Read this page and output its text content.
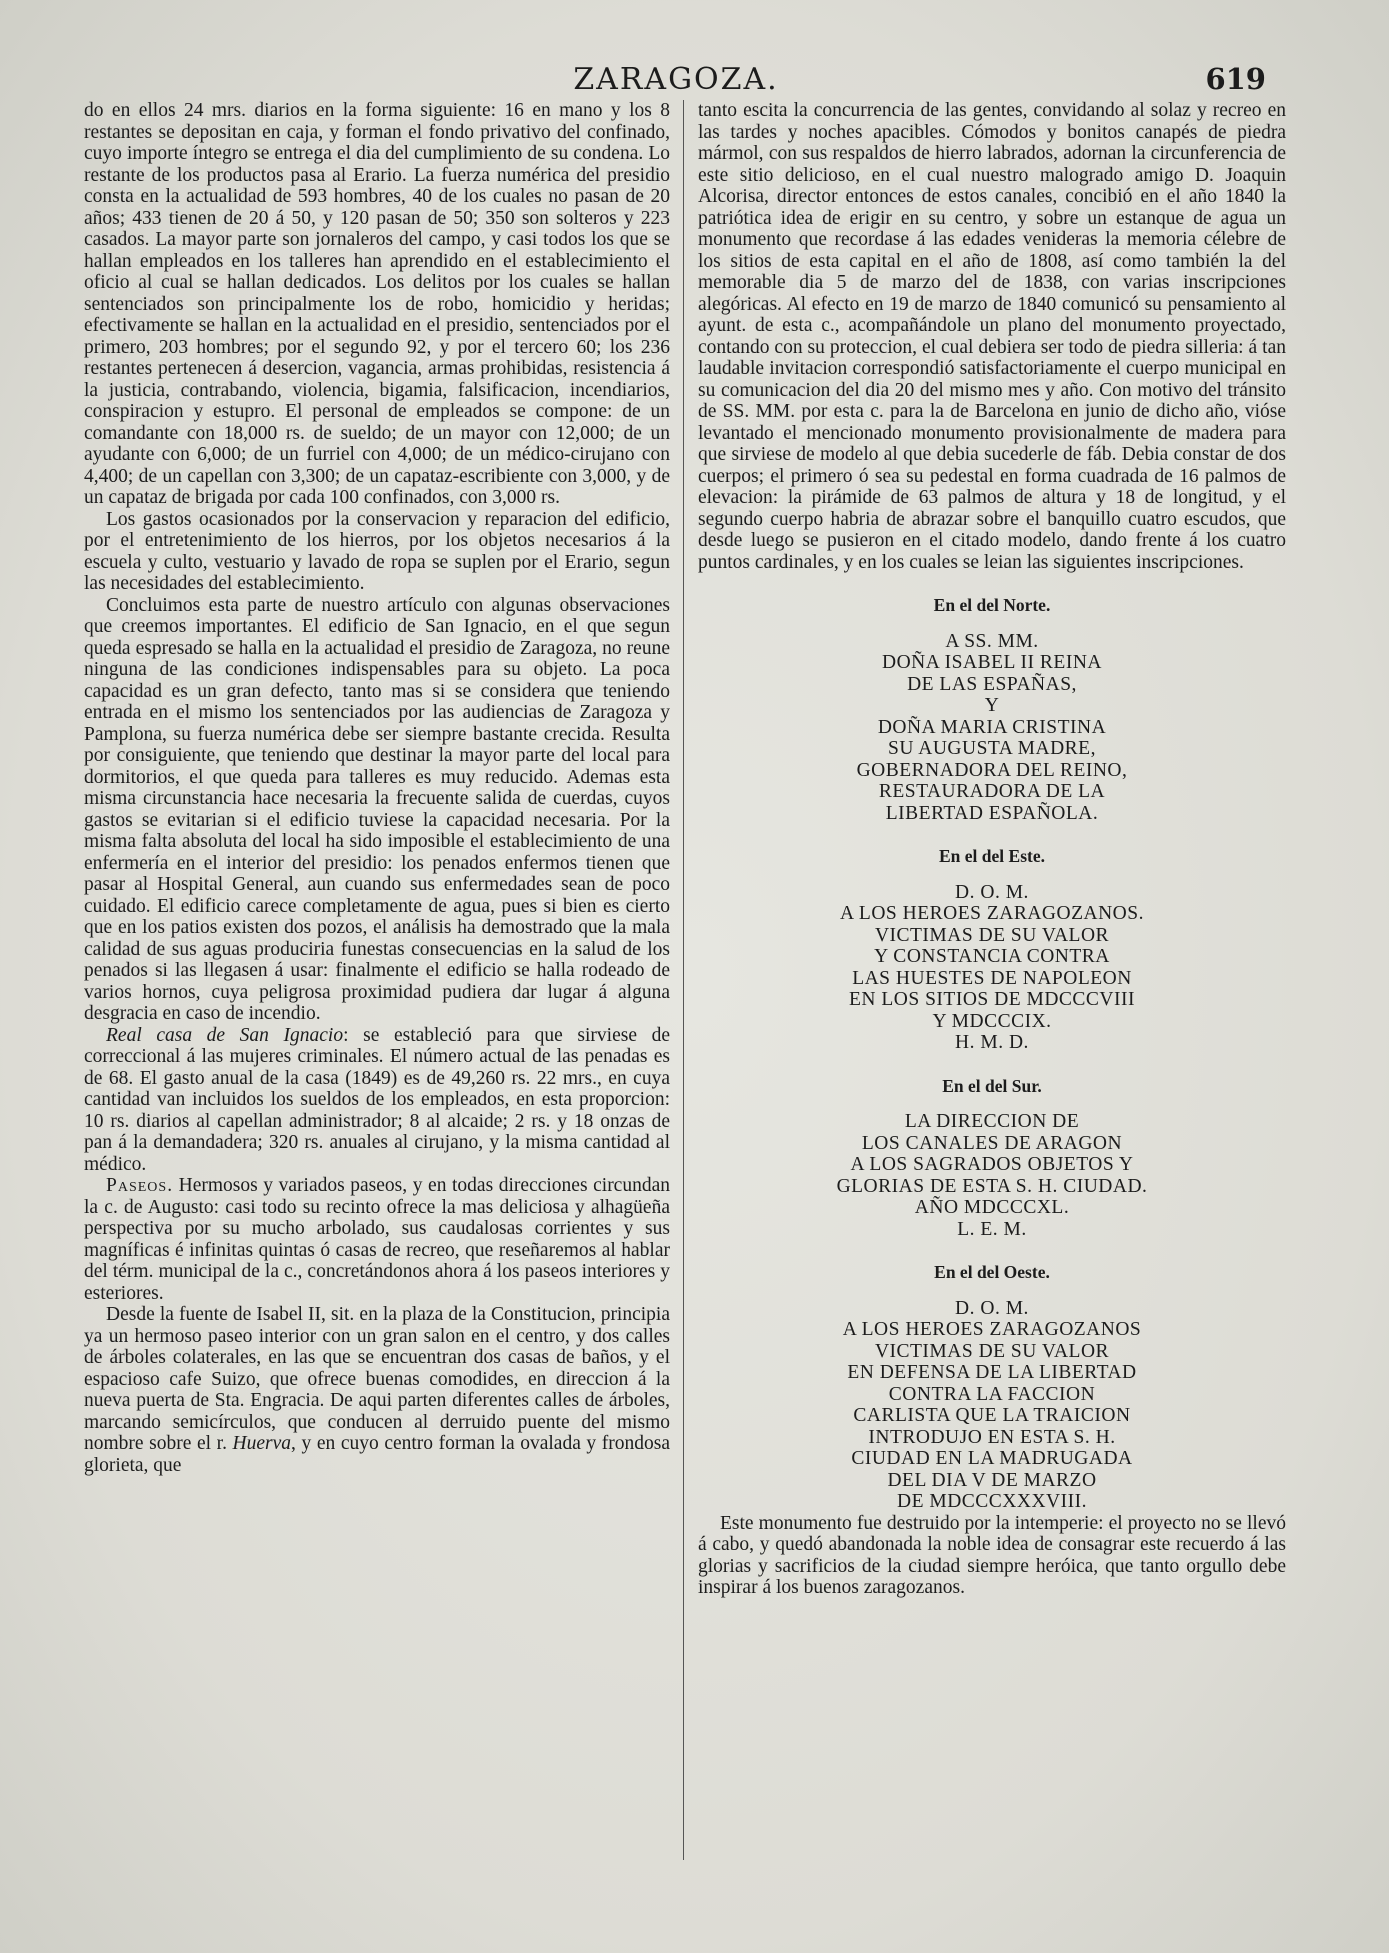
ZARAGOZA.	619

do en ellos 24 mrs. diarios en la forma siguiente: 16 en mano y los 8 restantes se depositan en caja, y forman el fondo privativo del confinado, cuyo importe íntegro se entrega el dia del cumplimiento de su condena. Lo restante de los productos pasa al Erario. La fuerza numérica del presidio consta en la actualidad de 593 hombres, 40 de los cuales no pasan de 20 años; 433 tienen de 20 á 50, y 120 pasan de 50; 350 son solteros y 223 casados. La mayor parte son jornaleros del campo, y casi todos los que se hallan empleados en los talleres han aprendido en el establecimiento el oficio al cual se hallan dedicados. Los delitos por los cuales se hallan sentenciados son principalmente los de robo, homicidio y heridas; efectivamente se hallan en la actualidad en el presidio, sentenciados por el primero, 203 hombres; por el segundo 92, y por el tercero 60; los 236 restantes pertenecen á desercion, vagancia, armas prohibidas, resistencia á la justicia, contrabando, violencia, bigamia, falsificacion, incendiarios, conspiracion y estupro. El personal de empleados se compone: de un comandante con 18,000 rs. de sueldo; de un mayor con 12,000; de un ayudante con 6,000; de un furriel con 4,000; de un médico-cirujano con 4,400; de un capellan con 3,300; de un capataz-escribiente con 3,000, y de un capataz de brigada por cada 100 confinados, con 3,000 rs.

Los gastos ocasionados por la conservacion y reparacion del edificio, por el entretenimiento de los hierros, por los objetos necesarios á la escuela y culto, vestuario y lavado de ropa se suplen por el Erario, segun las necesidades del establecimiento.

Concluimos esta parte de nuestro artículo con algunas observaciones que creemos importantes. El edificio de San Ignacio, en el que segun queda espresado se halla en la actualidad el presidio de Zaragoza, no reune ninguna de las condiciones indispensables para su objeto. La poca capacidad es un gran defecto, tanto mas si se considera que teniendo entrada en el mismo los sentenciados por las audiencias de Zaragoza y Pamplona, su fuerza numérica debe ser siempre bastante crecida. Resulta por consiguiente, que teniendo que destinar la mayor parte del local para dormitorios, el que queda para talleres es muy reducido. Ademas esta misma circunstancia hace necesaria la frecuente salida de cuerdas, cuyos gastos se evitarian si el edificio tuviese la capacidad necesaria. Por la misma falta absoluta del local ha sido imposible el establecimiento de una enfermería en el interior del presidio: los penados enfermos tienen que pasar al Hospital General, aun cuando sus enfermedades sean de poco cuidado. El edificio carece completamente de agua, pues si bien es cierto que en los patios existen dos pozos, el análisis ha demostrado que la mala calidad de sus aguas produciria funestas consecuencias en la salud de los penados si las llegasen á usar: finalmente el edificio se halla rodeado de varios hornos, cuya peligrosa proximidad pudiera dar lugar á alguna desgracia en caso de incendio.

Real casa de San Ignacio: se estableció para que sirviese de correccional á las mujeres criminales. El número actual de las penadas es de 68. El gasto anual de la casa (1849) es de 49,260 rs. 22 mrs., en cuya cantidad van incluidos los sueldos de los empleados, en esta proporcion: 10 rs. diarios al capellan administrador; 8 al alcaide; 2 rs. y 18 onzas de pan á la demandadera; 320 rs. anuales al cirujano, y la misma cantidad al médico.

Paseos. Hermosos y variados paseos, y en todas direcciones circundan la c. de Augusto: casi todo su recinto ofrece la mas deliciosa y alhagüeña perspectiva por su mucho arbolado, sus caudalosas corrientes y sus magníficas é infinitas quintas ó casas de recreo, que reseñaremos al hablar del térm. municipal de la c., concretándonos ahora á los paseos interiores y esteriores.

Desde la fuente de Isabel II, sit. en la plaza de la Constitucion, principia ya un hermoso paseo interior con un gran salon en el centro, y dos calles de árboles colaterales, en las que se encuentran dos casas de baños, y el espacioso cafe Suizo, que ofrece buenas comodides, en direccion á la nueva puerta de Sta. Engracia. De aqui parten diferentes calles de árboles, marcando semicírculos, que conducen al derruido puente del mismo nombre sobre el r. Huerva, y en cuyo centro forman la ovalada y frondosa glorieta, que

tanto escita la concurrencia de las gentes, convidando al solaz y recreo en las tardes y noches apacibles. Cómodos y bonitos canapés de piedra mármol, con sus respaldos de hierro labrados, adornan la circunferencia de este sitio delicioso, en el cual nuestro malogrado amigo D. Joaquin Alcorisa, director entonces de estos canales, concibió en el año 1840 la patriótica idea de erigir en su centro, y sobre un estanque de agua un monumento que recordase á las edades venideras la memoria célebre de los sitios de esta capital en el año de 1808, así como también la del memorable dia 5 de marzo del de 1838, con varias inscripciones alegóricas. Al efecto en 19 de marzo de 1840 comunicó su pensamiento al ayunt. de esta c., acompañándole un plano del monumento proyectado, contando con su proteccion, el cual debiera ser todo de piedra silleria: á tan laudable invitacion correspondió satisfactoriamente el cuerpo municipal en su comunicacion del dia 20 del mismo mes y año. Con motivo del tránsito de SS. MM. por esta c. para la de Barcelona en junio de dicho año, vióse levantado el mencionado monumento provisionalmente de madera para que sirviese de modelo al que debia sucederle de fáb. Debia constar de dos cuerpos; el primero ó sea su pedestal en forma cuadrada de 16 palmos de elevacion: la pirámide de 63 palmos de altura y 18 de longitud, y el segundo cuerpo habria de abrazar sobre el banquillo cuatro escudos, que desde luego se pusieron en el citado modelo, dando frente á los cuatro puntos cardinales, y en los cuales se leian las siguientes inscripciones.

En el del Norte.
A SS. MM.
DOÑA ISABEL II REINA
DE LAS ESPAÑAS,
Y
DOÑA MARIA CRISTINA
SU AUGUSTA MADRE,
GOBERNADORA DEL REINO,
RESTAURADORA DE LA
LIBERTAD ESPAÑOLA.
En el del Este.
D. O. M.
A LOS HEROES ZARAGOZANOS.
VICTIMAS DE SU VALOR
Y CONSTANCIA CONTRA
LAS HUESTES DE NAPOLEON
EN LOS SITIOS DE MDCCCVIII
Y MDCCCIX.
H. M. D.
En el del Sur.
LA DIRECCION DE
LOS CANALES DE ARAGON
A LOS SAGRADOS OBJETOS Y
GLORIAS DE ESTA S. H. CIUDAD.
AÑO MDCCCXL.
L. E. M.
En el del Oeste.
D. O. M.
A LOS HEROES ZARAGOZANOS
VICTIMAS DE SU VALOR
EN DEFENSA DE LA LIBERTAD
CONTRA LA FACCION
CARLISTA QUE LA TRAICION
INTRODUJO EN ESTA S. H.
CIUDAD EN LA MADRUGADA
DEL DIA V DE MARZO
DE MDCCCXXXVIII.

Este monumento fue destruido por la intemperie: el proyecto no se llevó á cabo, y quedó abandonada la noble idea de consagrar este recuerdo á las glorias y sacrificios de la ciudad siempre heróica, que tanto orgullo debe inspirar á los buenos zaragozanos.
